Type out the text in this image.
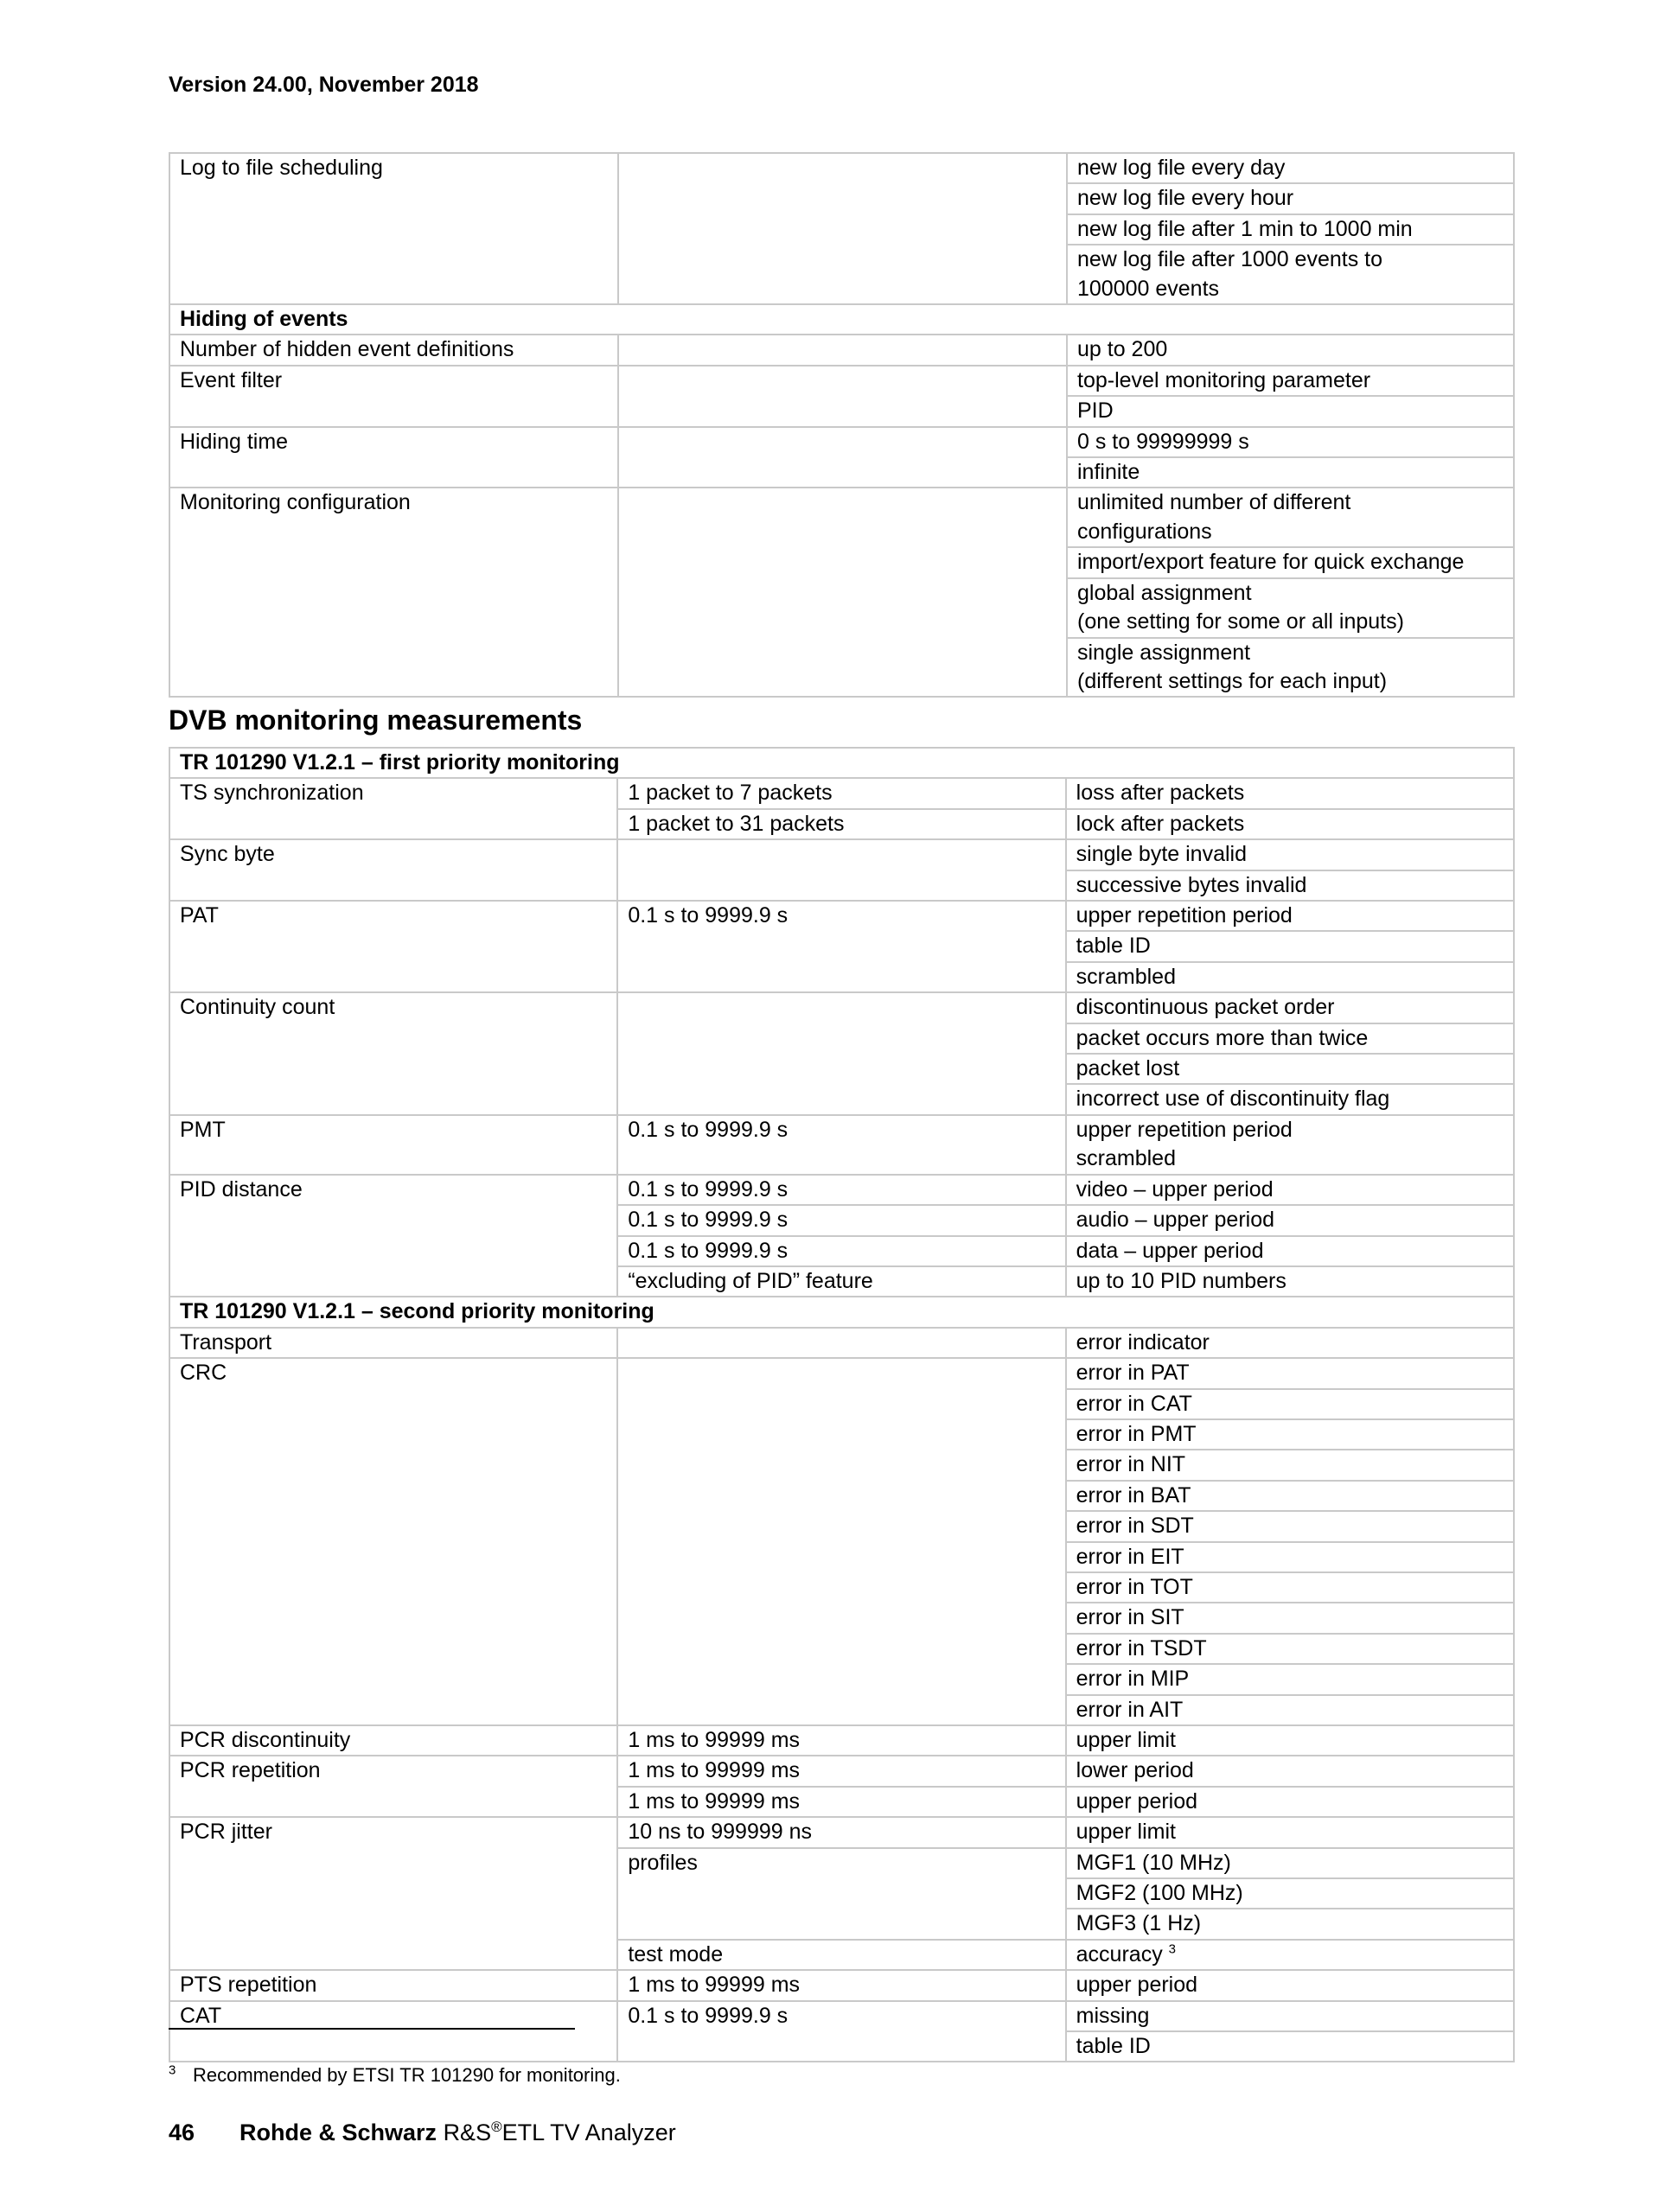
Version 24.00, November 2018
Log to file scheduling		new log file every day
		new log file every hour
		new log file after 1 min to 1000 min
		new log file after 1000 events to
		100000 events
Hiding of events		
Number of hidden event definitions		up to 200
Event filter		top-level monitoring parameter
		PID
Hiding time		0 s to 99999999 s
		infinite
Monitoring configuration		unlimited number of different
		configurations
		import/export feature for quick exchange
		global assignment
		(one setting for some or all inputs)
		single assignment
		(different settings for each input)
DVB monitoring measurements
TR 101290 V1.2.1 – first priority monitoring		
TS synchronization	1 packet to 7 packets	loss after packets
	1 packet to 31 packets	lock after packets
Sync byte		single byte invalid
		successive bytes invalid
PAT	0.1 s to 9999.9 s	upper repetition period
		table ID
		scrambled
Continuity count		discontinuous packet order
		packet occurs more than twice
		packet lost
		incorrect use of discontinuity flag
PMT	0.1 s to 9999.9 s	upper repetition period
		scrambled
PID distance	0.1 s to 9999.9 s	video – upper period
	0.1 s to 9999.9 s	audio – upper period
	0.1 s to 9999.9 s	data – upper period
	“excluding of PID” feature	up to 10 PID numbers
TR 101290 V1.2.1 – second priority monitoring		
Transport		error indicator
CRC		error in PAT
		error in CAT
		error in PMT
		error in NIT
		error in BAT
		error in SDT
		error in EIT
		error in TOT
		error in SIT
		error in TSDT
		error in MIP
		error in AIT
PCR discontinuity	1 ms to 99999 ms	upper limit
PCR repetition	1 ms to 99999 ms	lower period
	1 ms to 99999 ms	upper period
PCR jitter	10 ns to 999999 ns	upper limit
	profiles	MGF1 (10 MHz)
		MGF2 (100 MHz)
		MGF3 (1 Hz)
	test mode	accuracy $^3$
PTS repetition	1 ms to 99999 ms	upper period
CAT	0.1 s to 9999.9 s	missing
		table ID
$^3$ Recommended by ETSI TR 101290 for monitoring.
46 Rohde & Schwarz R&S®ETL TV Analyzer
